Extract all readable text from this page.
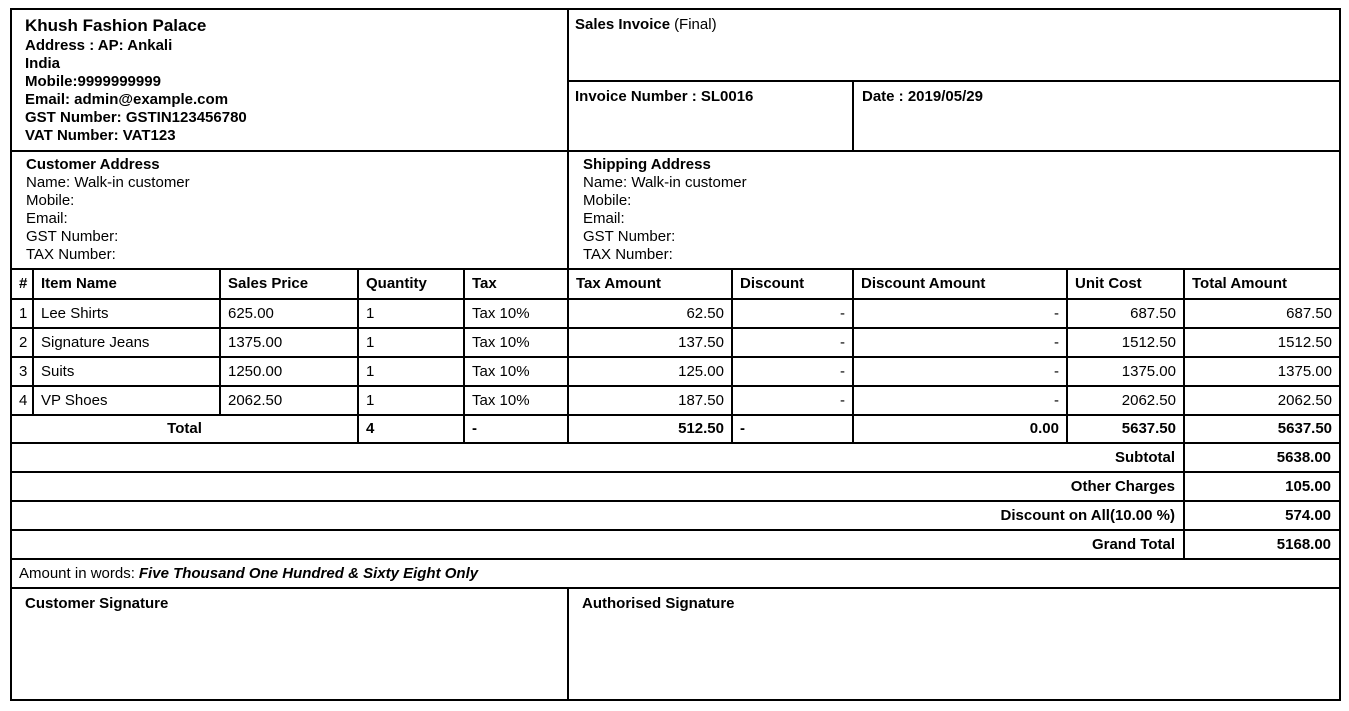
Khush Fashion Palace
Address : AP: Ankali
India
Mobile:9999999999
Email: admin@example.com
GST Number: GSTIN123456780
VAT Number: VAT123
	Sales Invoice (Final)
					Invoice Number : SL0016		Date : 2019/05/29		

Customer Address
Name: Walk-in customer
Mobile:
Email:
GST Number:
TAX Number:

Shipping Address
Name: Walk-in customer
Mobile:
Email:
GST Number:
TAX Number:

#	Item Name	Sales Price	Quantity	Tax	Tax Amount	Discount	Discount Amount	Unit Cost	Total Amount
1	Lee Shirts	625.00	1	Tax 10%	62.50	-	-	687.50	687.50
2	Signature Jeans	1375.00	1	Tax 10%	137.50	-	-	1512.50	1512.50
3	Suits	1250.00	1	Tax 10%	125.00	-	-	1375.00	1375.00
4	VP Shoes	2062.50	1	Tax 10%	187.50	-	-	2062.50	2062.50
Total			4	-	512.50	-	0.00	5637.50	5637.50
Subtotal									5638.00
Other Charges									105.00
Discount on All(10.00 %)									574.00
Grand Total									5168.00
Amount in words: Five Thousand One Hundred & Sixty Eight Only									
Customer Signature					Authorised Signature				
